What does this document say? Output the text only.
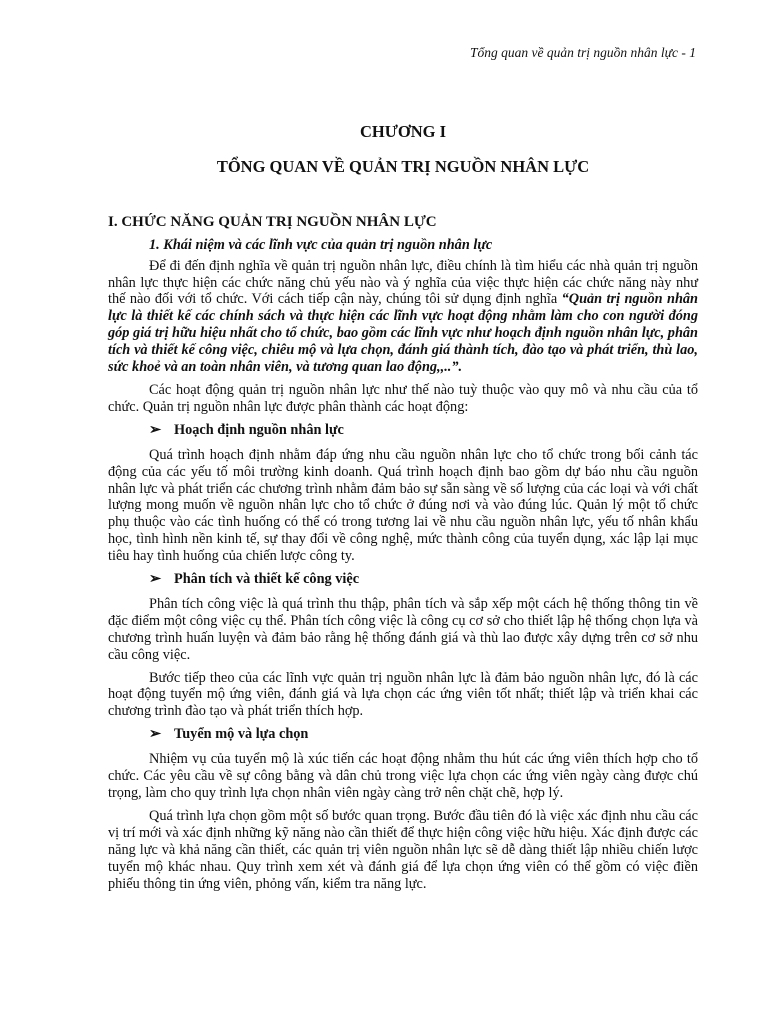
Tổng quan về quản trị nguồn nhân lực - 1
CHƯƠNG I
TỔNG QUAN VỀ QUẢN TRỊ NGUỒN NHÂN LỰC
I. CHỨC NĂNG QUẢN TRỊ NGUỒN NHÂN LỰC
1. Khái niệm và các lĩnh vực của quản trị nguồn nhân lực

Để đi đến định nghĩa về quản trị nguồn nhân lực, điều chính là tìm hiểu các nhà quản trị nguồn nhân lực thực hiện các chức năng chủ yếu nào và ý nghĩa của việc thực hiện các chức năng này như thế nào đối với tổ chức. Với cách tiếp cận này, chúng tôi sử dụng định nghĩa “Quản trị nguồn nhân lực là thiết kế các chính sách và thực hiện các lĩnh vực hoạt động nhằm làm cho con người đóng góp giá trị hữu hiệu nhất cho tổ chức, bao gồm các lĩnh vực như hoạch định nguồn nhân lực, phân tích và thiết kế công việc, chiêu mộ và lựa chọn, đánh giá thành tích, đào tạo và phát triển, thù lao, sức khoẻ và an toàn nhân viên, và tương quan lao động,,..”.

Các hoạt động quản trị nguồn nhân lực như thế nào tuỳ thuộc vào quy mô và nhu cầu của tổ chức. Quản trị nguồn nhân lực được phân thành các hoạt động:

➢ Hoạch định nguồn nhân lực

Quá trình hoạch định nhằm đáp ứng nhu cầu nguồn nhân lực cho tổ chức trong bối cảnh tác động của các yếu tố môi trường kinh doanh. Quá trình hoạch định bao gồm dự báo nhu cầu nguồn nhân lực và phát triển các chương trình nhằm đảm bảo sự sẵn sàng về số lượng của các loại và với chất lượng mong muốn về nguồn nhân lực cho tổ chức ở đúng nơi và vào đúng lúc. Quản lý một tổ chức phụ thuộc vào các tình huống có thể có trong tương lai về nhu cầu nguồn nhân lực, yếu tố nhân khẩu học, tình hình nền kinh tế, sự thay đổi về công nghệ, mức thành công của tuyển dụng, xác lập lại mục tiêu hay tình huống của chiến lược công ty.

➢ Phân tích và thiết kế công việc

Phân tích công việc là quá trình thu thập, phân tích và sắp xếp một cách hệ thống thông tin về đặc điểm một công việc cụ thể. Phân tích công việc là công cụ cơ sở cho thiết lập hệ thống chọn lựa và chương trình huấn luyện và đảm bảo rằng hệ thống đánh giá và thù lao được xây dựng trên cơ sở nhu cầu công việc.

Bước tiếp theo của các lĩnh vực quản trị nguồn nhân lực là đảm bảo nguồn nhân lực, đó là các hoạt động tuyển mộ ứng viên, đánh giá và lựa chọn các ứng viên tốt nhất; thiết lập và triển khai các chương trình đào tạo và phát triển thích hợp.

➢ Tuyển mộ và lựa chọn

Nhiệm vụ của tuyển mộ là xúc tiến các hoạt động nhằm thu hút các ứng viên thích hợp cho tổ chức. Các yêu cầu về sự công bằng và dân chủ trong việc lựa chọn các ứng viên ngày càng được chú trọng, làm cho quy trình lựa chọn nhân viên ngày càng trở nên chặt chẽ, hợp lý.

Quá trình lựa chọn gồm một số bước quan trọng. Bước đầu tiên đó là việc xác định nhu cầu các vị trí mới và xác định những kỹ năng nào cần thiết để thực hiện công việc hữu hiệu. Xác định được các năng lực và khả năng cần thiết, các quản trị viên nguồn nhân lực sẽ dễ dàng thiết lập nhiều chiến lược tuyển mộ khác nhau. Quy trình xem xét và đánh giá để lựa chọn ứng viên có thể gồm có việc điền phiếu thông tin ứng viên, phỏng vấn, kiểm tra năng lực.
